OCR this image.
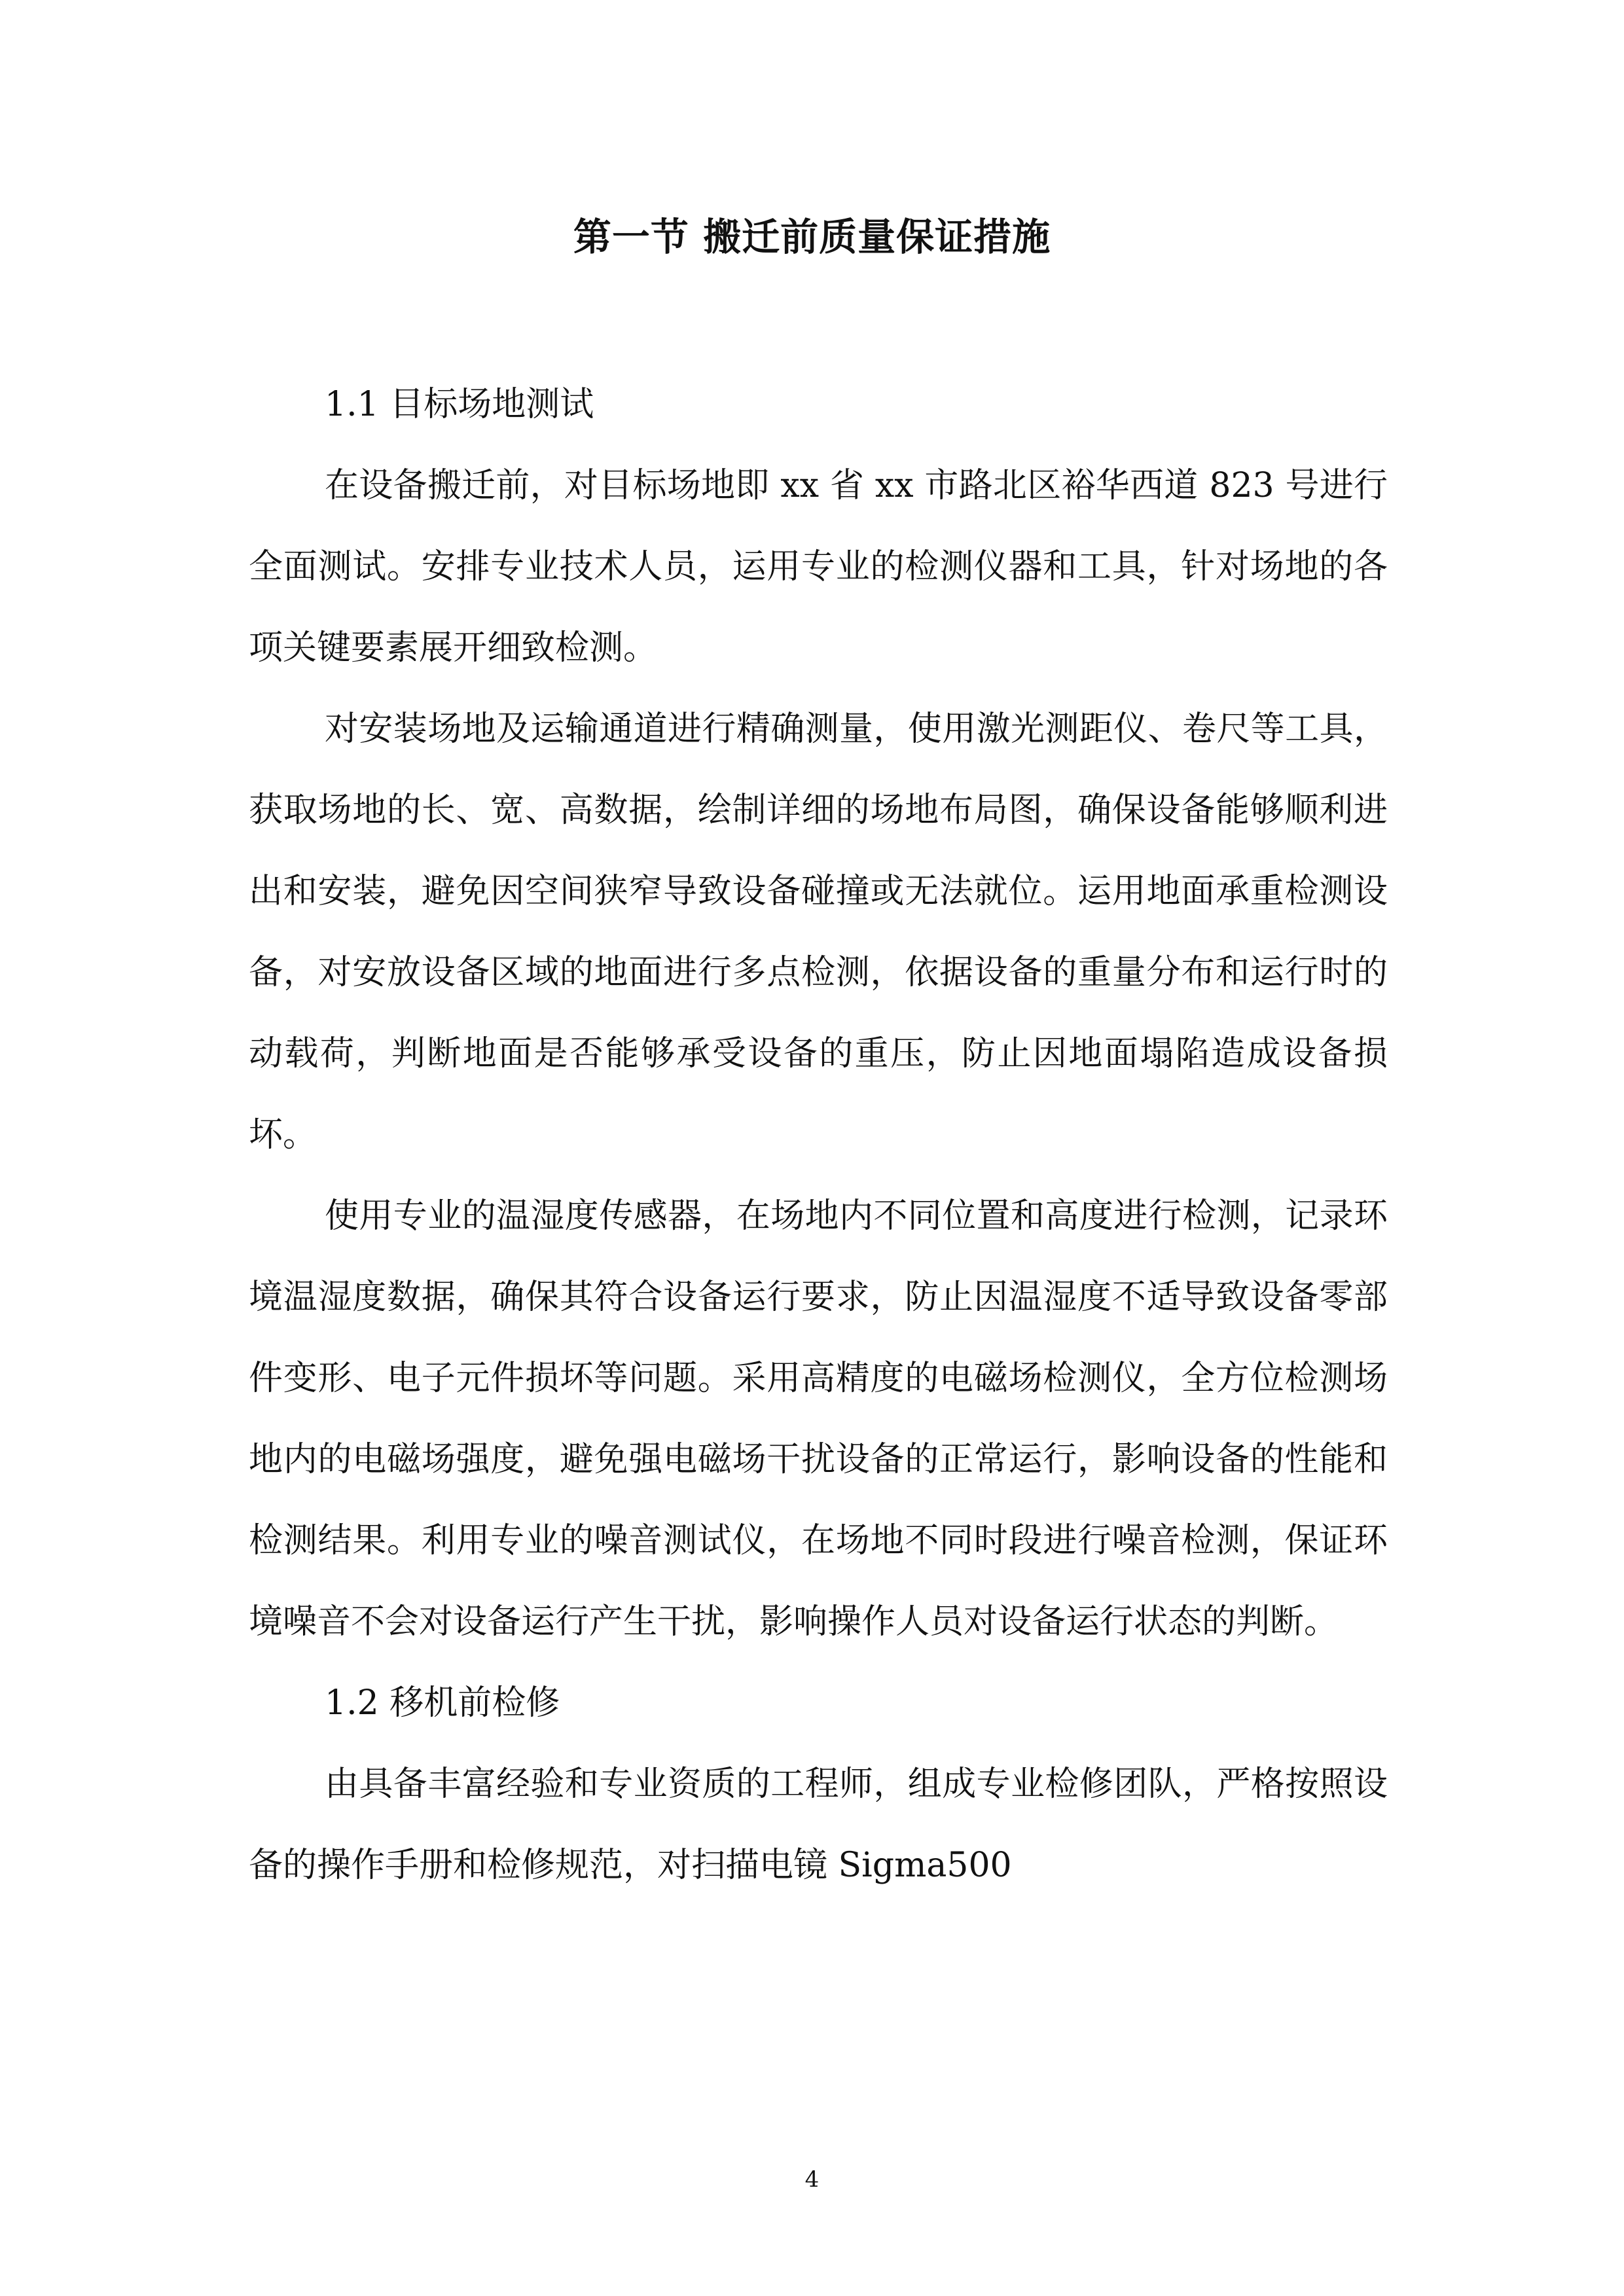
第一节 搬迁前质量保证措施

1.1 目标场地测试

在设备搬迁前，对目标场地即 xx 省 xx 市路北区裕华西道 823 号进行全面测试。安排专业技术人员，运用专业的检测仪器和工具，针对场地的各项关键要素展开细致检测。

对安装场地及运输通道进行精确测量，使用激光测距仪、卷尺等工具，获取场地的长、宽、高数据，绘制详细的场地布局图，确保设备能够顺利进出和安装，避免因空间狭窄导致设备碰撞或无法就位。运用地面承重检测设备，对安放设备区域的地面进行多点检测，依据设备的重量分布和运行时的动载荷，判断地面是否能够承受设备的重压，防止因地面塌陷造成设备损坏。

使用专业的温湿度传感器，在场地内不同位置和高度进行检测，记录环境温湿度数据，确保其符合设备运行要求，防止因温湿度不适导致设备零部件变形、电子元件损坏等问题。采用高精度的电磁场检测仪，全方位检测场地内的电磁场强度，避免强电磁场干扰设备的正常运行，影响设备的性能和检测结果。利用专业的噪音测试仪，在场地不同时段进行噪音检测，保证环境噪音不会对设备运行产生干扰，影响操作人员对设备运行状态的判断。

1.2 移机前检修

由具备丰富经验和专业资质的工程师，组成专业检修团队，严格按照设备的操作手册和检修规范，对扫描电镜 Sigma500

4
